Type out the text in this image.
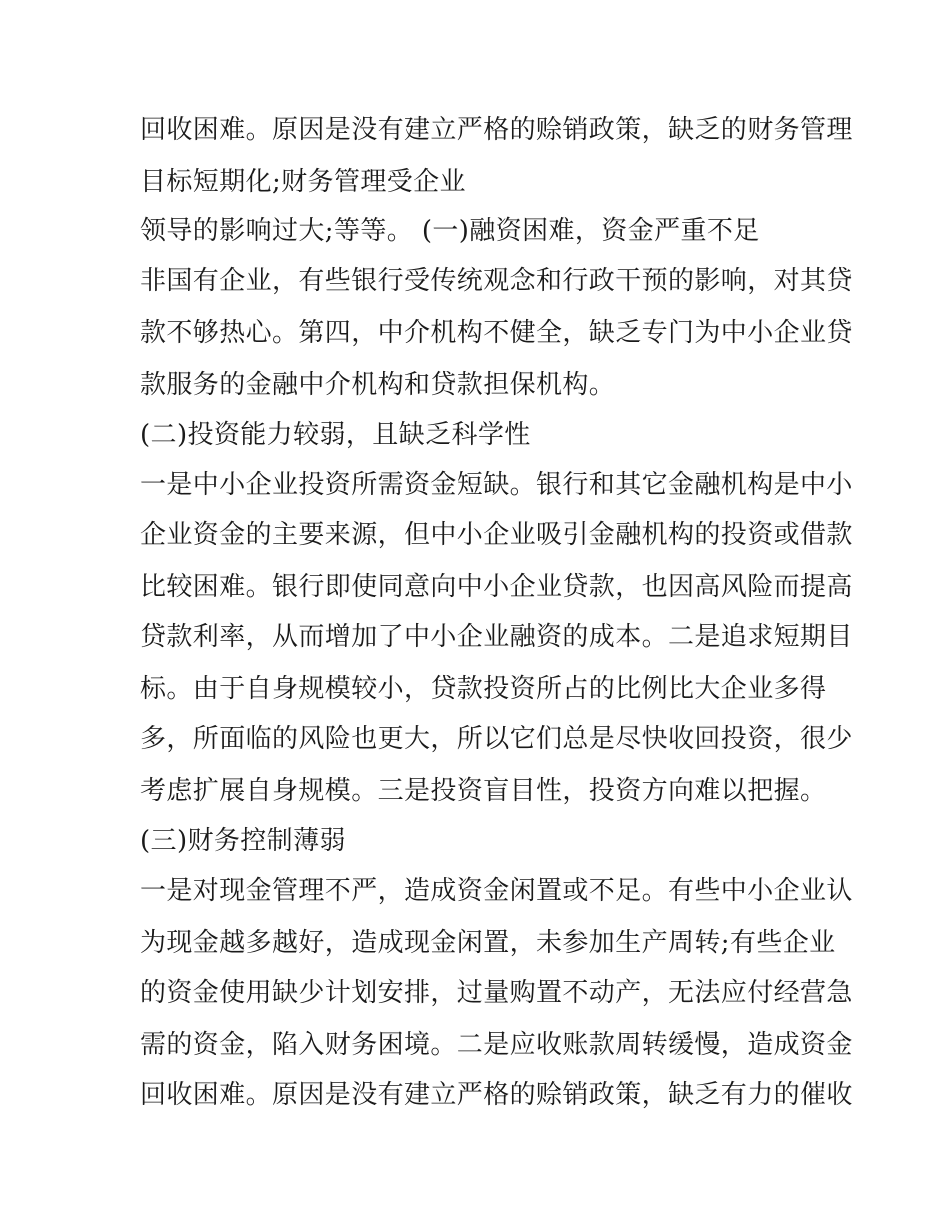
回收困难。原因是没有建立严格的赊销政策，缺乏的财务管理
目标短期化;财务管理受企业
领导的影响过大;等等。 (一)融资困难，资金严重不足
非国有企业，有些银行受传统观念和行政干预的影响，对其贷
款不够热心。第四，中介机构不健全，缺乏专门为中小企业贷
款服务的金融中介机构和贷款担保机构。
(二)投资能力较弱，且缺乏科学性
一是中小企业投资所需资金短缺。银行和其它金融机构是中小
企业资金的主要来源，但中小企业吸引金融机构的投资或借款
比较困难。银行即使同意向中小企业贷款，也因高风险而提高
贷款利率，从而增加了中小企业融资的成本。二是追求短期目
标。由于自身规模较小，贷款投资所占的比例比大企业多得
多，所面临的风险也更大，所以它们总是尽快收回投资，很少
考虑扩展自身规模。三是投资盲目性，投资方向难以把握。
(三)财务控制薄弱
一是对现金管理不严，造成资金闲置或不足。有些中小企业认
为现金越多越好，造成现金闲置，未参加生产周转;有些企业
的资金使用缺少计划安排，过量购置不动产，无法应付经营急
需的资金，陷入财务困境。二是应收账款周转缓慢，造成资金
回收困难。原因是没有建立严格的赊销政策，缺乏有力的催收
